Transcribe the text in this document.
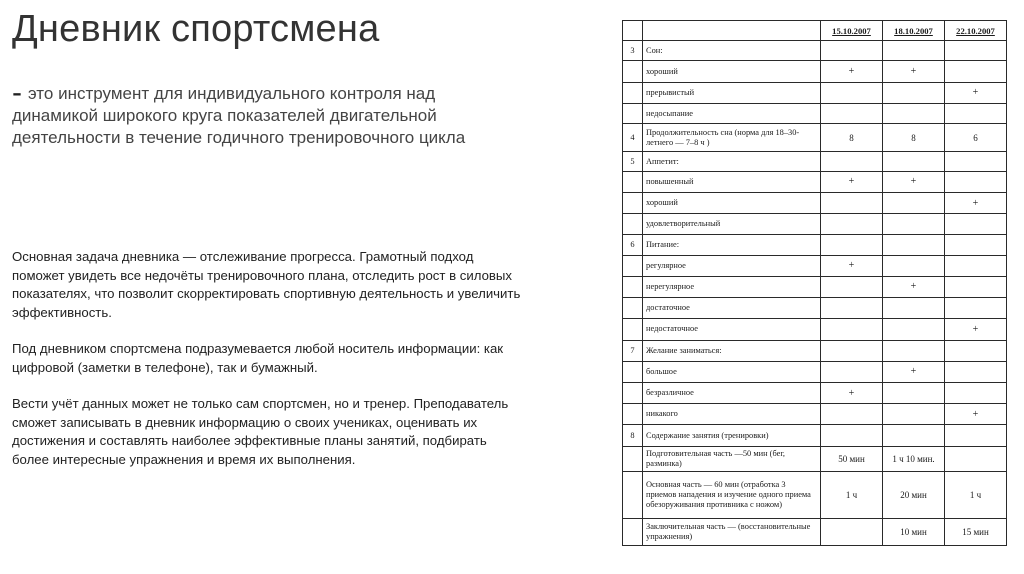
Дневник спортсмена

- это инструмент для индивидуального контроля над динамикой широкого круга показателей двигательной деятельности в течение годичного тренировочного цикла

Основная задача дневника — отслеживание прогресса. Грамотный подход поможет увидеть все недочёты тренировочного плана, отследить рост в силовых показателях, что позволит скорректировать спортивную деятельность и увеличить эффективность.

Под дневником спортсмена подразумевается любой носитель информации: как цифровой (заметки в телефоне), так и бумажный.

Вести учёт данных может не только сам спортсмен, но и тренер. Преподаватель сможет записывать в дневник информацию о своих учениках, оценивать их достижения и составлять наиболее эффективные планы занятий, подбирать более интересные упражнения и время их выполнения.

		15.10.2007	18.10.2007	22.10.2007
3	Сон:			
	хороший	+	+	
	прерывистый			+
	недосыпание			
4	Продолжительность сна (норма для 18–30-летнего — 7–8 ч )	8	8	6
5	Аппетит:			
	повышенный	+	+	
	хороший			+
	удовлетворительный			
6	Питание:			
	регулярное	+		
	нерегулярное		+	
	достаточное			
	недостаточное			+
7	Желание заниматься:			
	большое		+	
	безразличное	+		
	никакого			+
8	Содержание занятия (тренировки)			
	Подготовительная часть —50 мин (бег, разминка)	50 мин	1 ч 10 мин.	
	Основная часть — 60 мин (отработка 3 приемов нападения и изучение одного приема обезоруживания противника с ножом)	1 ч	20 мин	1 ч
	Заключительная часть — (восстановительные упражнения)		10 мин	15 мин
